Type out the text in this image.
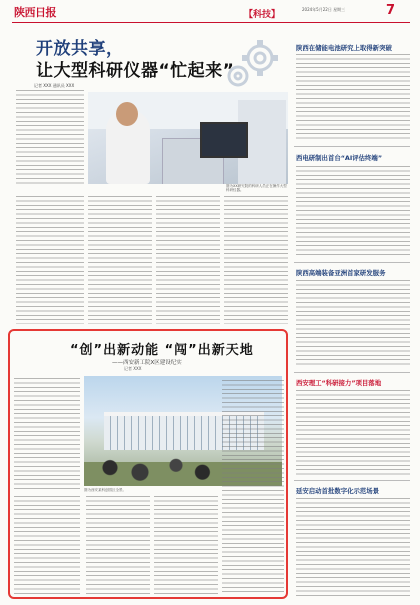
陕西日报	【科技】
2024年5月22日 星期三	7
开放共享，
让大型科研仪器“忙起来”
记者 XXX 通讯员 XXX
图为XX研究院的科研人员正在操作大型科研仪器。
陕西在储能电池研究上取得新突破
西电研制出首台“AI评估终端”
陕西高端装备亚洲首家研发服务
西安理工“科研接力”项目落地
延安启动首批数字化示范场景
“创”出新动能 “闯”出新天地
——西安新工院X区建设纪实
记者 XXX
图为西安某科创园区全景。
